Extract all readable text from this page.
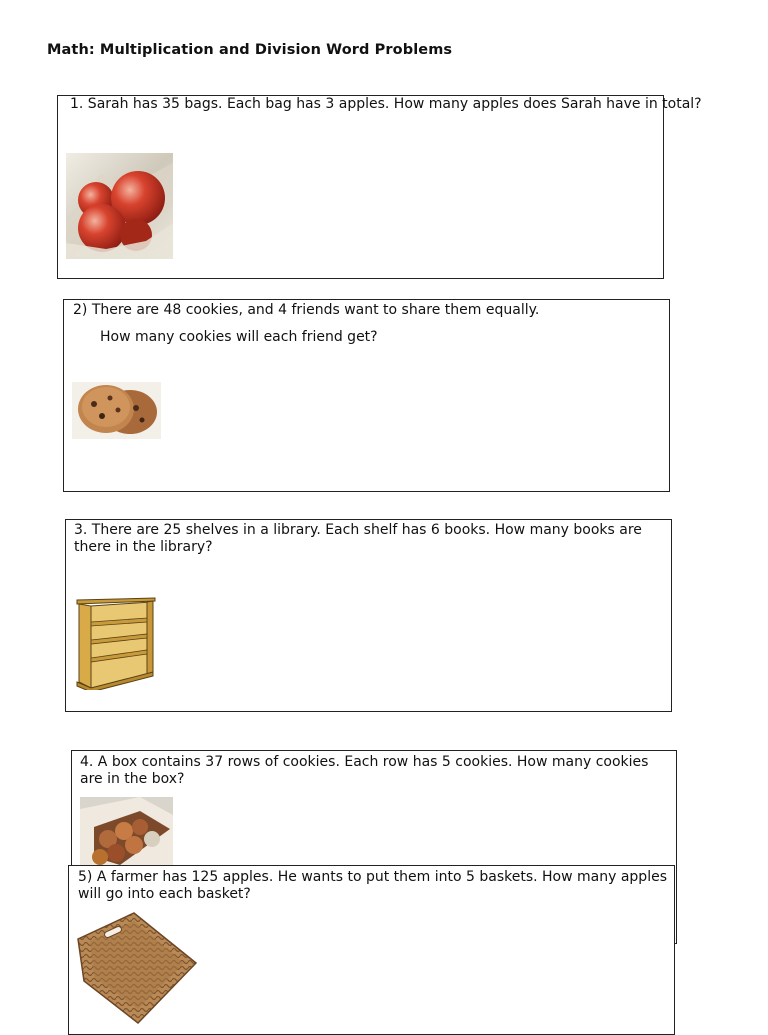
Math: Multiplication and Division Word Problems
1. Sarah has 35 bags. Each bag has 3 apples. How many apples does Sarah have in total?
2) There are 48 cookies, and 4 friends want to share them equally.
How many cookies will each friend get?
3. There are 25 shelves in a library. Each shelf has 6 books. How many books are there in the library?
4. A box contains 37 rows of cookies. Each row has 5 cookies. How many cookies are in the box?
5) A farmer has 125 apples. He wants to put them into 5 baskets. How many apples will go into each basket?
